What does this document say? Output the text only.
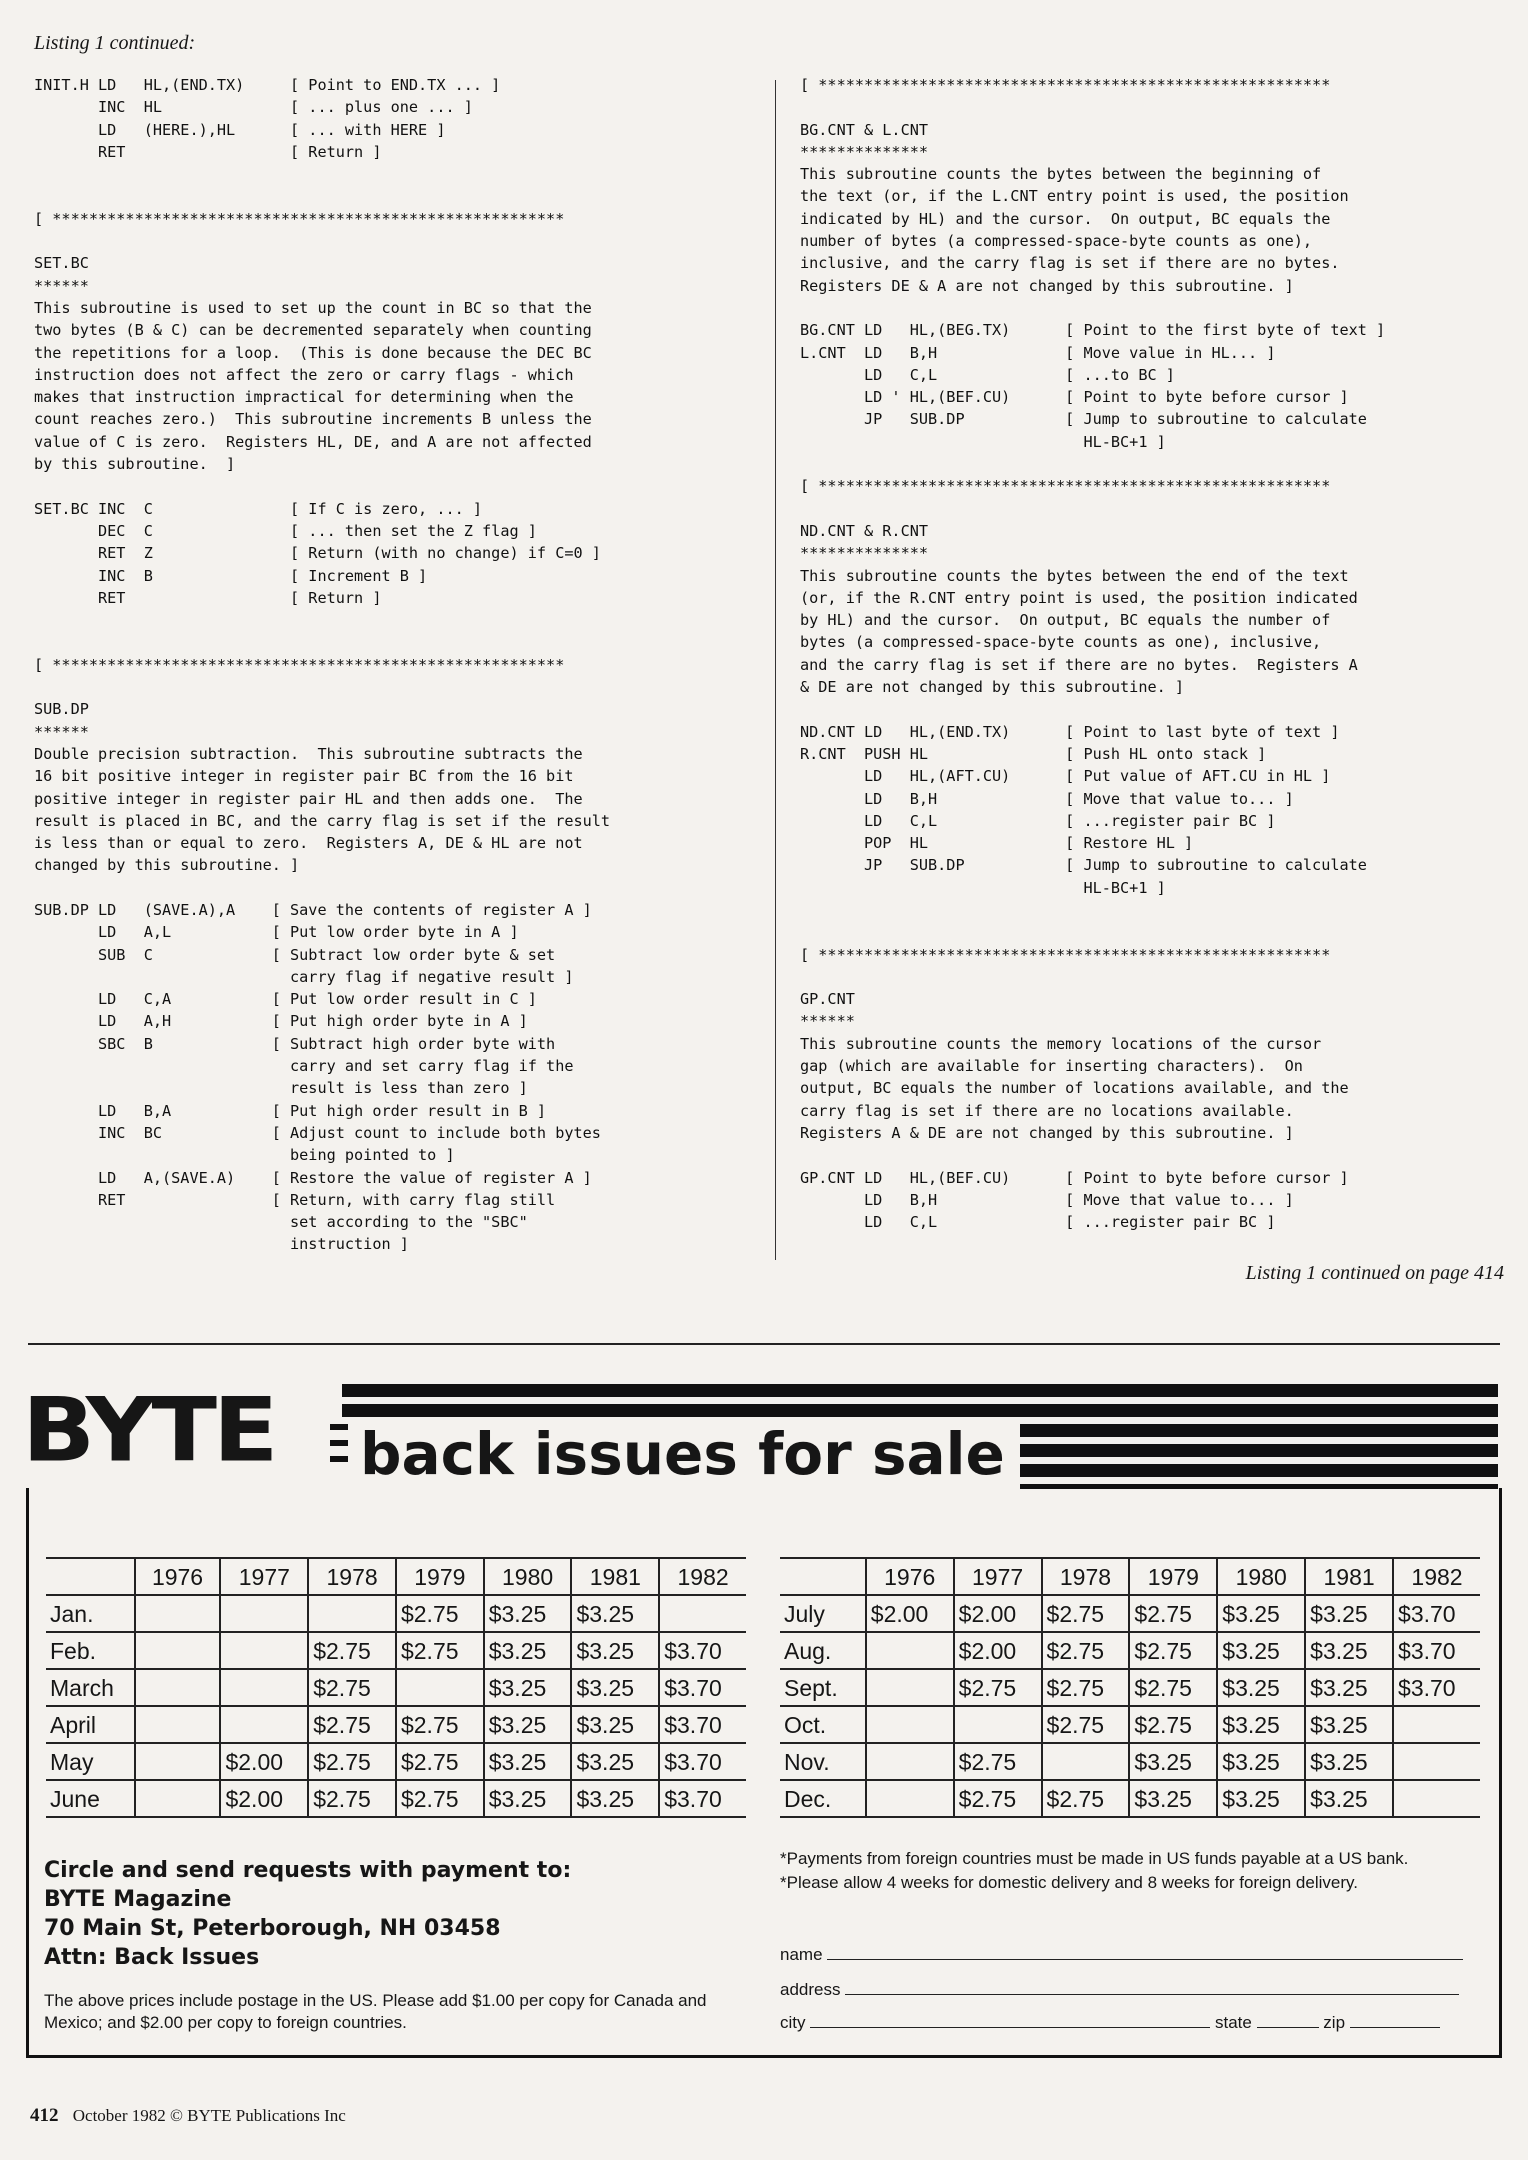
Listing 1 continued:
INIT.H LD   HL,(END.TX)     [ Point to END.TX ... ]
INC  HL              [ ... plus one ... ]
LD   (HERE.),HL      [ ... with HERE ]
RET                  [ Return ]
[ ********************************************************
SET.BC
******
This subroutine is used to set up the count in BC so that the
two bytes (B & C) can be decremented separately when counting
the repetitions for a loop.  (This is done because the DEC BC
instruction does not affect the zero or carry flags - which
makes that instruction impractical for determining when the
count reaches zero.)  This subroutine increments B unless the
value of C is zero.  Registers HL, DE, and A are not affected
by this subroutine.  ]
SET.BC INC  C               [ If C is zero, ... ]
DEC  C               [ ... then set the Z flag ]
RET  Z               [ Return (with no change) if C=0 ]
INC  B               [ Increment B ]
RET                  [ Return ]
[ ********************************************************
SUB.DP
******
Double precision subtraction.  This subroutine subtracts the
16 bit positive integer in register pair BC from the 16 bit
positive integer in register pair HL and then adds one.  The
result is placed in BC, and the carry flag is set if the result
is less than or equal to zero.  Registers A, DE & HL are not
changed by this subroutine. ]
SUB.DP LD   (SAVE.A),A    [ Save the contents of register A ]
LD   A,L           [ Put low order byte in A ]
SUB  C             [ Subtract low order byte & set
carry flag if negative result ]
LD   C,A           [ Put low order result in C ]
LD   A,H           [ Put high order byte in A ]
SBC  B             [ Subtract high order byte with
carry and set carry flag if the
result is less than zero ]
LD   B,A           [ Put high order result in B ]
INC  BC            [ Adjust count to include both bytes
being pointed to ]
LD   A,(SAVE.A)    [ Restore the value of register A ]
RET                [ Return, with carry flag still
set according to the "SBC"
instruction ]
[ ********************************************************
BG.CNT & L.CNT
**************
This subroutine counts the bytes between the beginning of
the text (or, if the L.CNT entry point is used, the position
indicated by HL) and the cursor.  On output, BC equals the
number of bytes (a compressed-space-byte counts as one),
inclusive, and the carry flag is set if there are no bytes.
Registers DE & A are not changed by this subroutine. ]
BG.CNT LD   HL,(BEG.TX)      [ Point to the first byte of text ]
L.CNT  LD   B,H              [ Move value in HL... ]
LD   C,L              [ ...to BC ]
LD ' HL,(BEF.CU)      [ Point to byte before cursor ]
JP   SUB.DP           [ Jump to subroutine to calculate
HL-BC+1 ]
[ ********************************************************
ND.CNT & R.CNT
**************
This subroutine counts the bytes between the end of the text
(or, if the R.CNT entry point is used, the position indicated
by HL) and the cursor.  On output, BC equals the number of
bytes (a compressed-space-byte counts as one), inclusive,
and the carry flag is set if there are no bytes.  Registers A
& DE are not changed by this subroutine. ]
ND.CNT LD   HL,(END.TX)      [ Point to last byte of text ]
R.CNT  PUSH HL               [ Push HL onto stack ]
LD   HL,(AFT.CU)      [ Put value of AFT.CU in HL ]
LD   B,H              [ Move that value to... ]
LD   C,L              [ ...register pair BC ]
POP  HL               [ Restore HL ]
JP   SUB.DP           [ Jump to subroutine to calculate
HL-BC+1 ]
[ ********************************************************
GP.CNT
******
This subroutine counts the memory locations of the cursor
gap (which are available for inserting characters).  On
output, BC equals the number of locations available, and the
carry flag is set if there are no locations available.
Registers A & DE are not changed by this subroutine. ]
GP.CNT LD   HL,(BEF.CU)      [ Point to byte before cursor ]
LD   B,H              [ Move that value to... ]
LD   C,L              [ ...register pair BC ]
Listing 1 continued on page 414
BYTE back issues for sale
	1976	1977	1978	1979	1980	1981	1982
Jan.				$2.75	$3.25	$3.25	
Feb.			$2.75	$2.75	$3.25	$3.25	$3.70
March			$2.75		$3.25	$3.25	$3.70
April			$2.75	$2.75	$3.25	$3.25	$3.70
May		$2.00	$2.75	$2.75	$3.25	$3.25	$3.70
June		$2.00	$2.75	$2.75	$3.25	$3.25	$3.70
	1976	1977	1978	1979	1980	1981	1982
July	$2.00	$2.00	$2.75	$2.75	$3.25	$3.25	$3.70
Aug.		$2.00	$2.75	$2.75	$3.25	$3.25	$3.70
Sept.		$2.75	$2.75	$2.75	$3.25	$3.25	$3.70
Oct.			$2.75	$2.75	$3.25	$3.25	
Nov.		$2.75		$3.25	$3.25	$3.25	
Dec.		$2.75	$2.75	$3.25	$3.25	$3.25	
Circle and send requests with payment to:
BYTE Magazine
70 Main St, Peterborough, NH 03458
Attn: Back Issues
The above prices include postage in the US. Please add $1.00 per copy for Canada and Mexico; and $2.00 per copy to foreign countries.
*Payments from foreign countries must be made in US funds payable at a US bank.
*Please allow 4 weeks for domestic delivery and 8 weeks for foreign delivery.
name
address
city	state	zip
412 October 1982 © BYTE Publications Inc
